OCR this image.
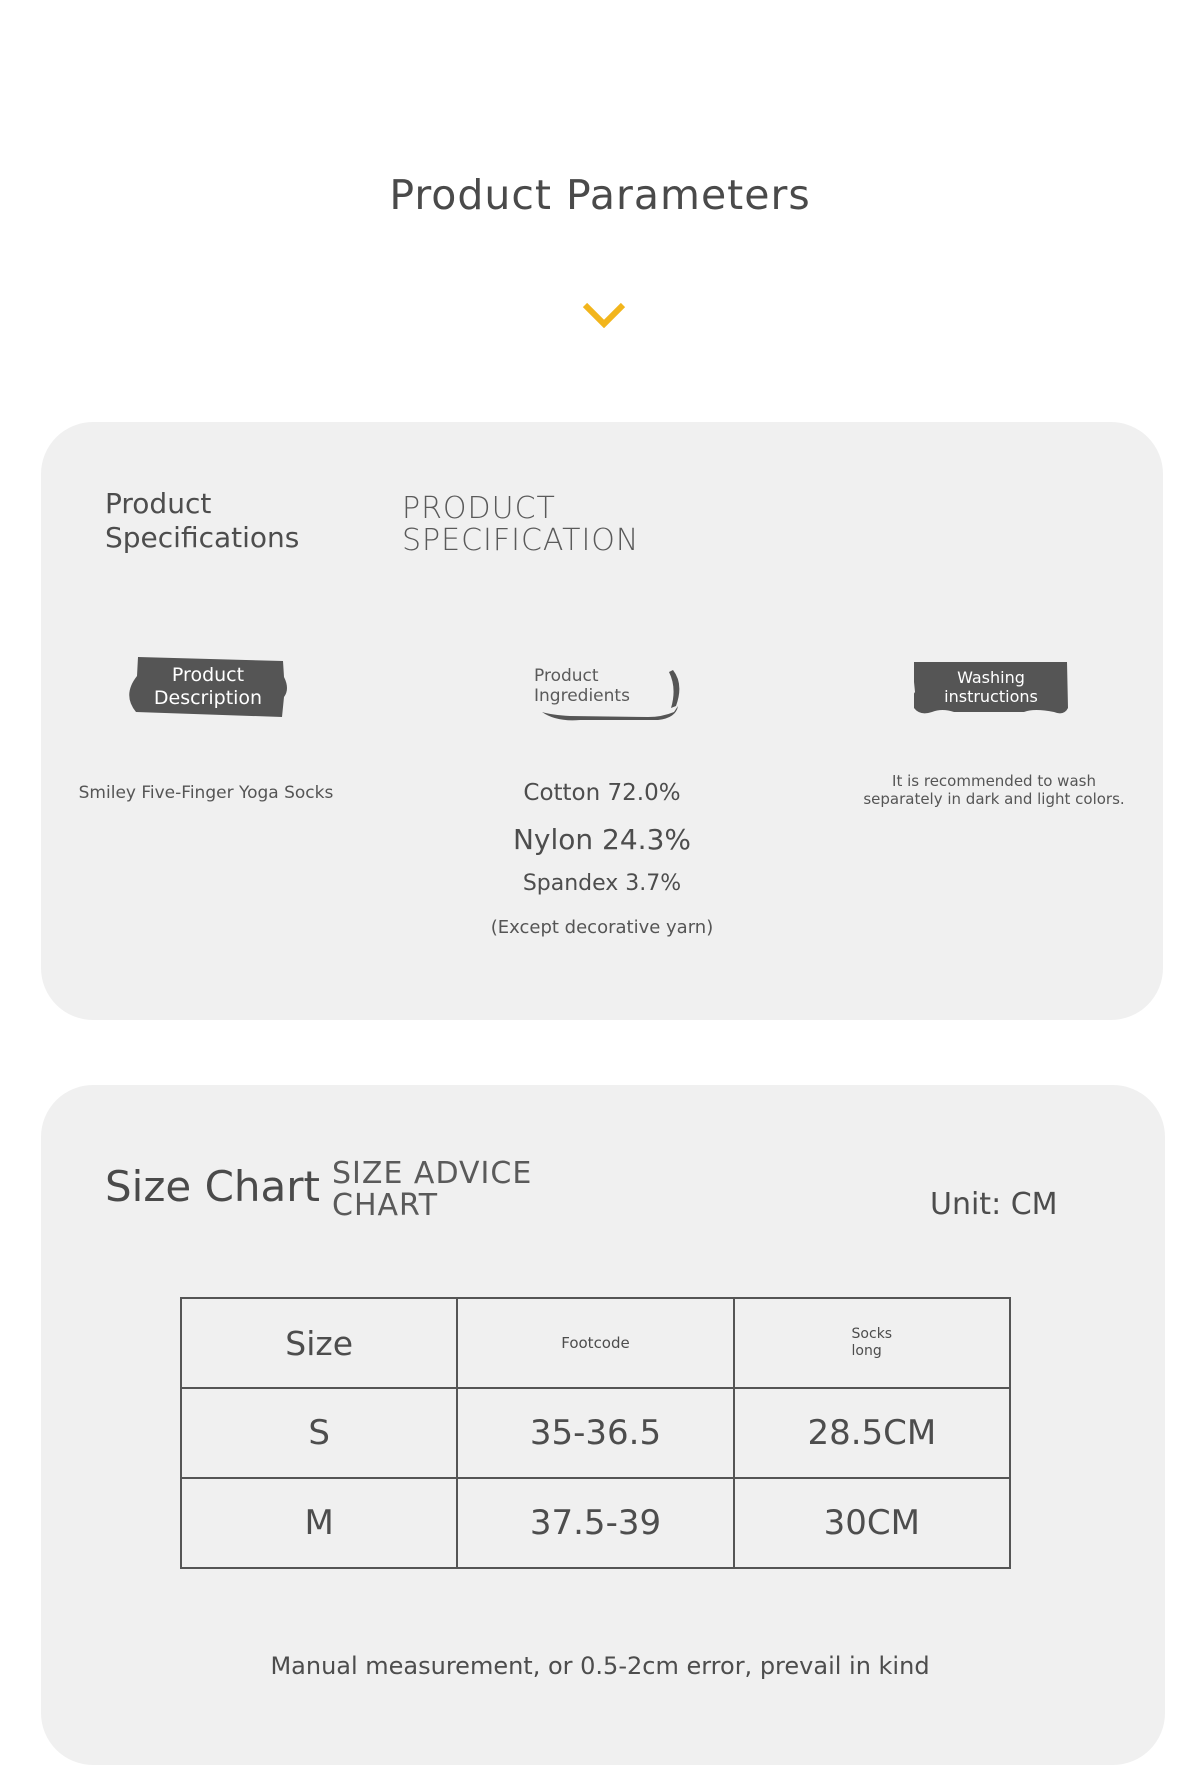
Product Parameters
Product
Specifications
PRODUCT
SPECIFICATION
Product
Description
Smiley Five-Finger Yoga Socks
Product
Ingredients
Cotton 72.0%
Nylon 24.3%
Spandex 3.7%
(Except decorative yarn)
Washing
instructions
It is recommended to wash
separately in dark and light colors.
Size Chart SIZE ADVICE
CHART	Unit: CM
Size	Footcode	Socks
long
S	35-36.5	28.5CM
M	37.5-39	30CM
Manual measurement, or 0.5-2cm error, prevail in kind
